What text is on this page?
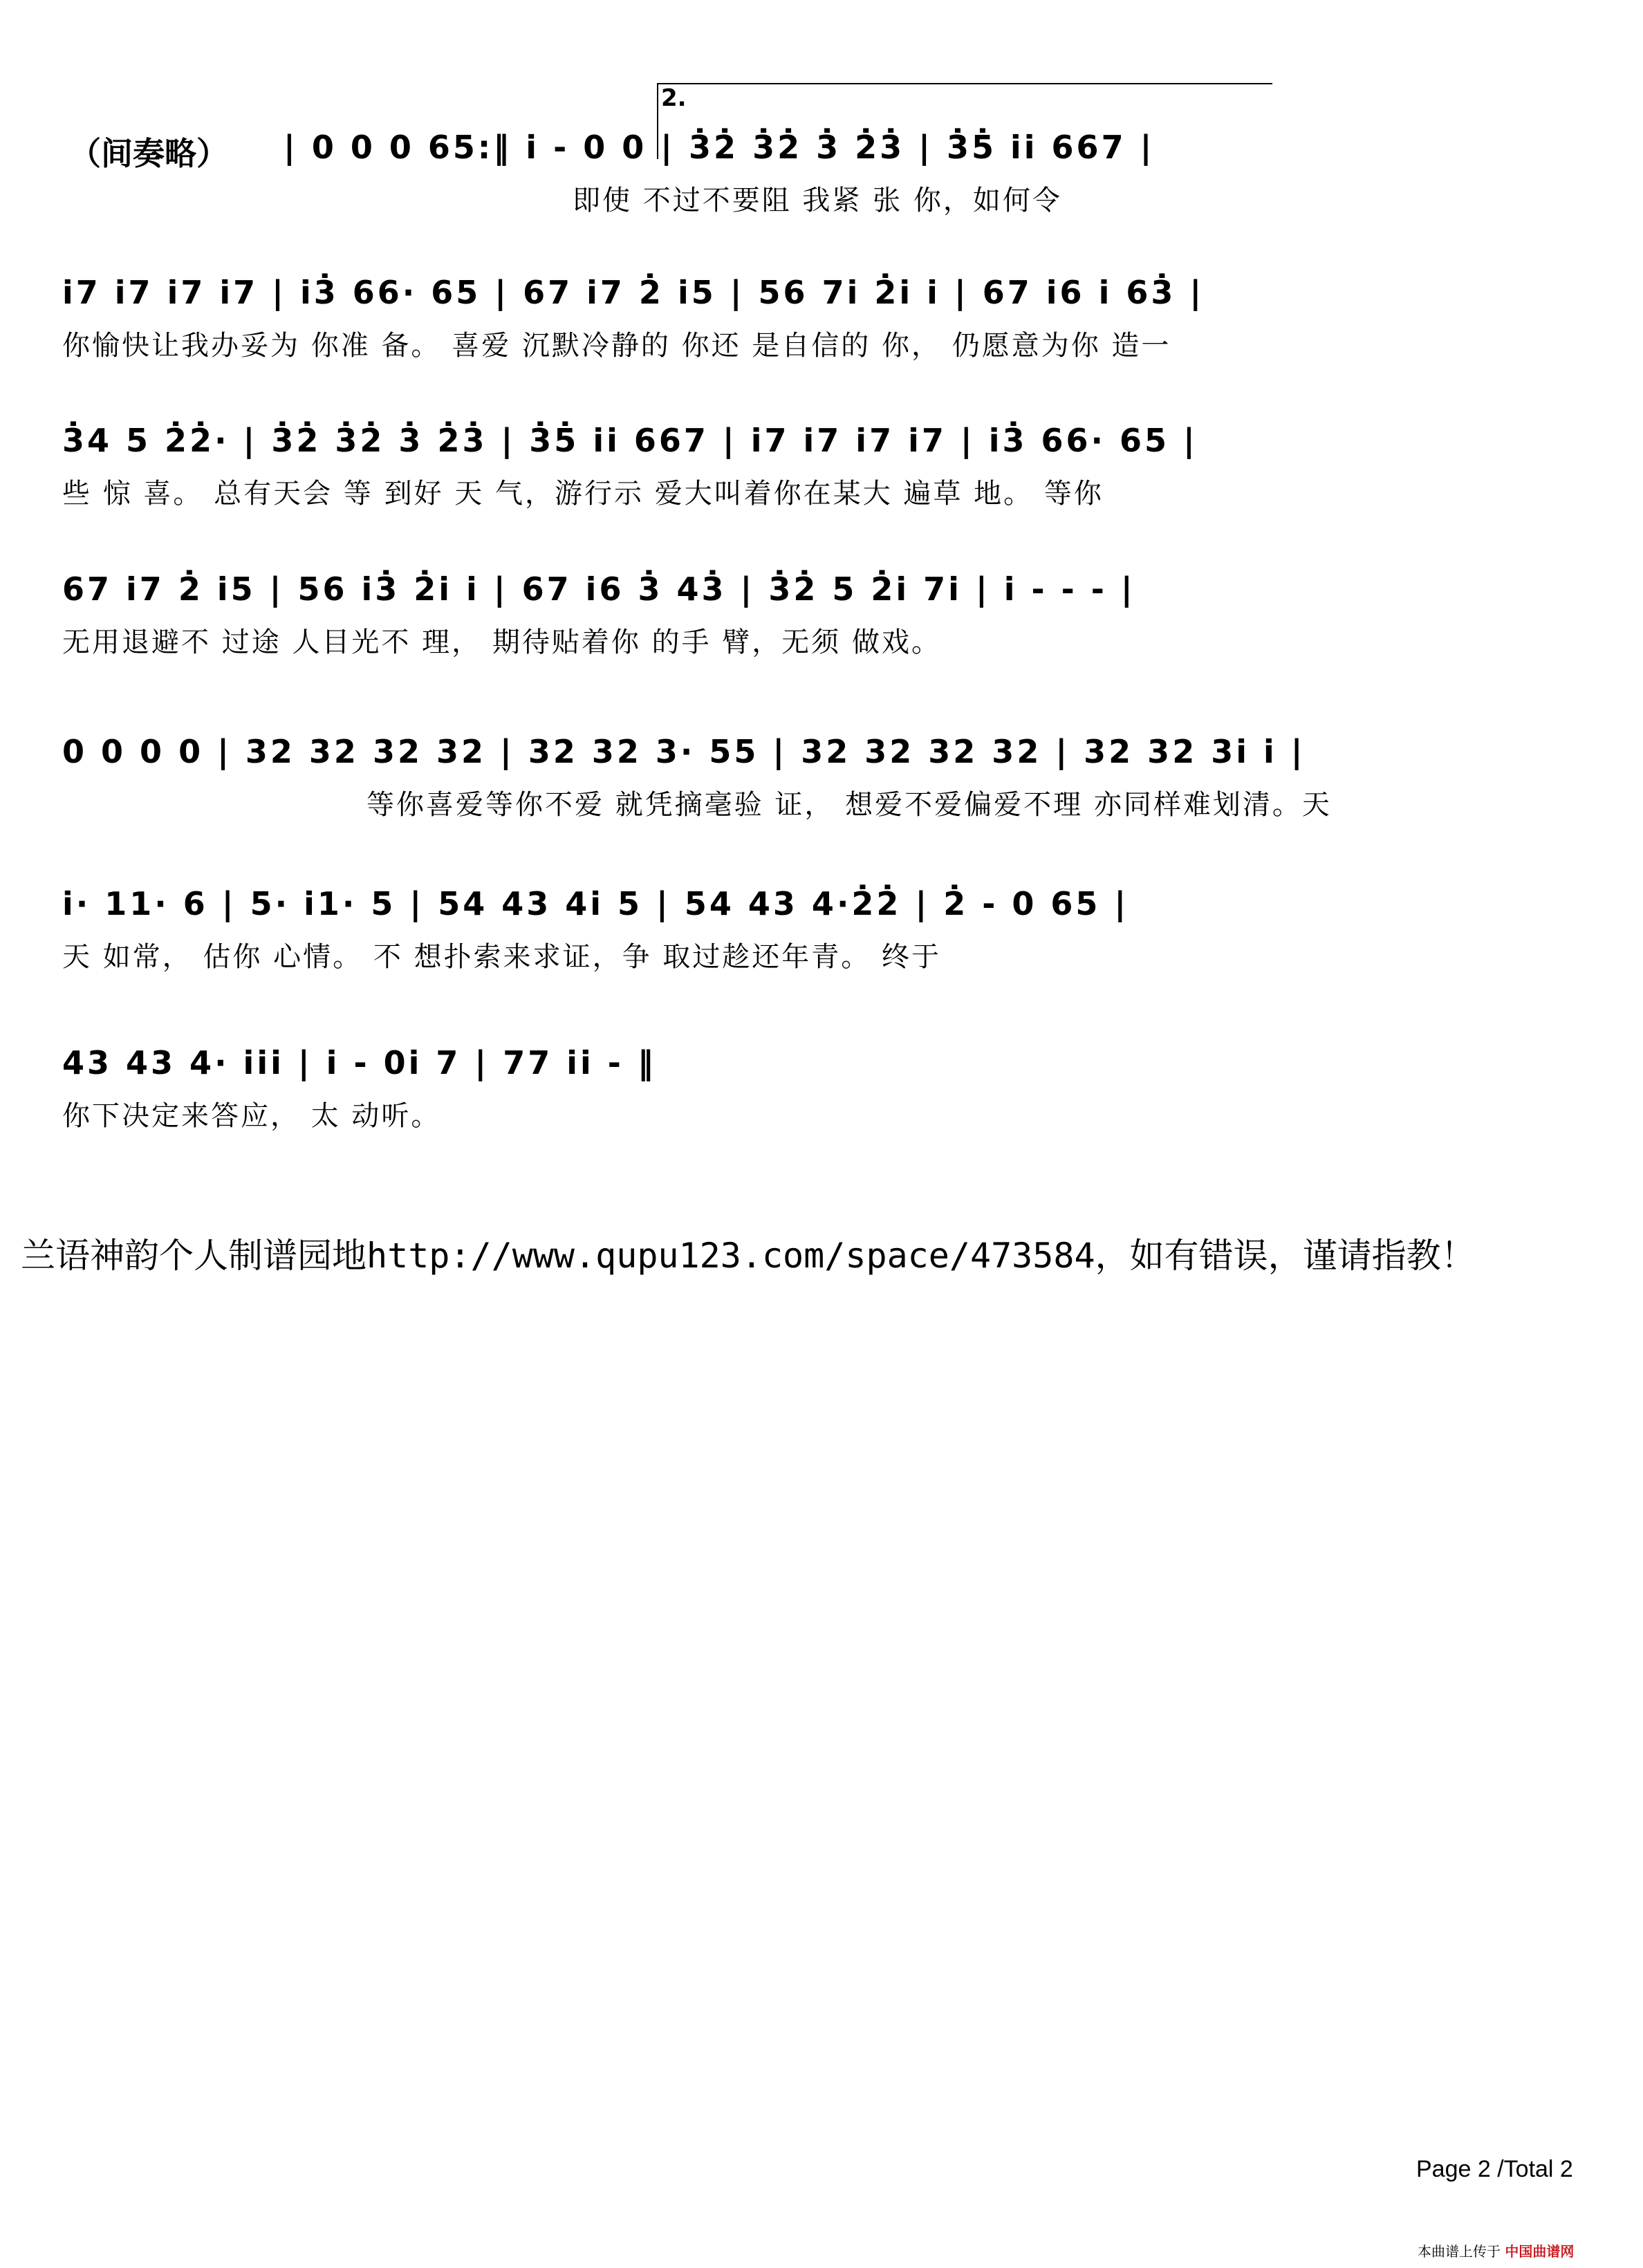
（间奏略）
2.
| 0 0 0 65:‖ i̇ - 0 0 | 3̇2̇ 3̇2̇ 3̇ 2̇3̇ | 3̇5̇ i̇i̇ 667 |
即使 不过不要阻 我紧 张 你，如何令
i̇7 i̇7 i̇7 i̇7 | i̇3̇ 66· 65 | 67 i̇7 2̇ i̇5 | 56 7i̇ 2̇i̇ i̇ | 67 i̇6 i̇ 63̇ |
你愉快让我办妥为 你准 备。 喜爱 沉默冷静的 你还 是自信的 你， 仍愿意为你 造一
3̇4 5 2̇2̇· | 3̇2̇ 3̇2̇ 3̇ 2̇3̇ | 3̇5̇ i̇i̇ 667 | i̇7 i̇7 i̇7 i̇7 | i̇3̇ 66· 65 |
些 惊 喜。 总有天会 等 到好 天 气，游行示 爱大叫着你在某大 遍草 地。 等你
67 i̇7 2̇ i̇5 | 56 i̇3̇ 2̇i̇ i̇ | 67 i̇6 3̇ 43̇ | 3̇2̇ 5 2̇i̇ 7i̇ | i̇ - - - |
无用退避不 过途 人目光不 理， 期待贴着你 的手 臂，无须 做戏。
0 0 0 0 | 32 32 32 32 | 32 32 3· 55 | 32 32 32 32 | 32 32 3i̇ i̇ |
等你喜爱等你不爱 就凭摘毫验 证， 想爱不爱偏爱不理 亦同样难划清。天
i̇· 11· 6 | 5· i̇1· 5 | 54 43 4i̇ 5 | 54 43 4·2̇2̇ | 2̇ - 0 65 |
天 如常， 估你 心情。 不 想扑索来求证，争 取过趁还年青。 终于
43 43 4· i̇i̇i̇ | i̇ - 0i̇ 7 | 77 i̇i̇ - ‖
你下决定来答应， 太 动听。
兰语神韵个人制谱园地http://www.qupu123.com/space/473584，如有错误，谨请指教！
Page 2 /Total 2
本曲谱上传于 中国曲谱网
